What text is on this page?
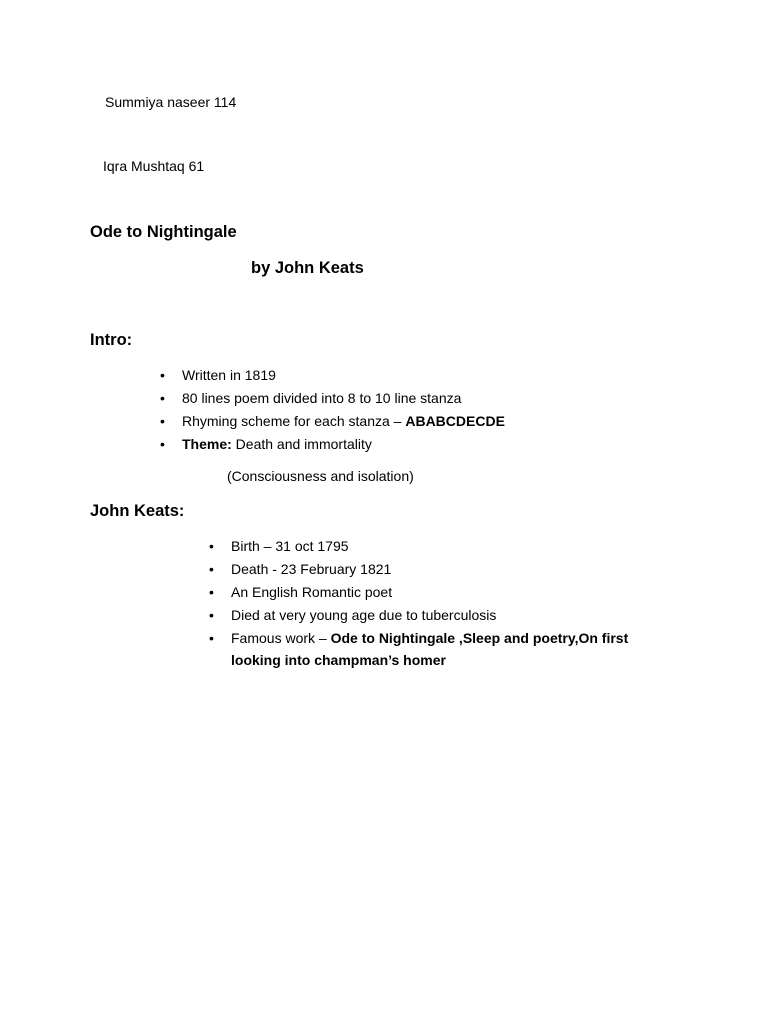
Summiya naseer 114
Iqra Mushtaq 61
Ode to Nightingale
by John Keats
Intro:
• Written in 1819
• 80 lines poem divided into 8 to 10 line stanza
• Rhyming scheme for each stanza – ABABCDECDE
• Theme: Death and immortality
(Consciousness and isolation)
John Keats:
• Birth – 31 oct 1795
• Death - 23 February 1821
• An English Romantic poet
• Died at very young age due to tuberculosis
• Famous work – Ode to Nightingale ,Sleep and poetry,On first looking into champman’s homer
